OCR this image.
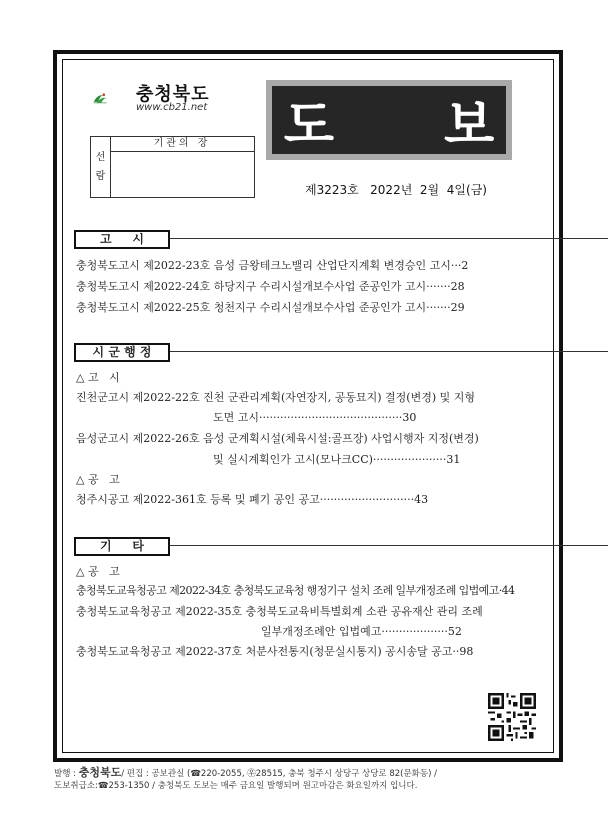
충청북도
www.cb21.net 도 보
선
람
기관의 장
제3223호   2022년  2월  4일(금)
고     시
충청북도고시 제2022-23호 음성 금왕테크노밸리 산업단지계획 변경승인 고시···2
충청북도고시 제2022-24호 하당지구 수리시설개보수사업 준공인가 고시·······28
충청북도고시 제2022-25호 청천지구 수리시설개보수사업 준공인가 고시·······29
시 군 행 정
△ 고   시
진천군고시 제2022-22호 진천 군관리계획(자연장지, 공동묘지) 결정(변경) 및 지형
도면 고시·········································30
음성군고시 제2022-26호 음성 군계획시설(체육시설:골프장) 사업시행자 지정(변경)
및 실시계획인가 고시(모나크CC)·····················31
△ 공   고
청주시공고 제2022-361호 등록 및 폐기 공인 공고···························43
기     타
△ 공   고
충청북도교육청공고 제2022-34호 충청북도교육청 행정기구 설치 조례 일부개정조례 입법예고·44
충청북도교육청공고 제2022-35호 충청북도교육비특별회계 소관 공유재산 관리 조례
일부개정조례안 입법예고···················52
충청북도교육청공고 제2022-37호 처분사전통지(청문실시통지) 공시송달 공고··98
발행 : 충청북도/ 편집 : 공보관실 (☎220-2055, ㉾28515, 충북 청주시 상당구 상당로 82(문화동) /
도보취급소:☎253-1350 / 충청북도 도보는 매주 금요일 발행되며 원고마감은 화요일까지 입니다.
